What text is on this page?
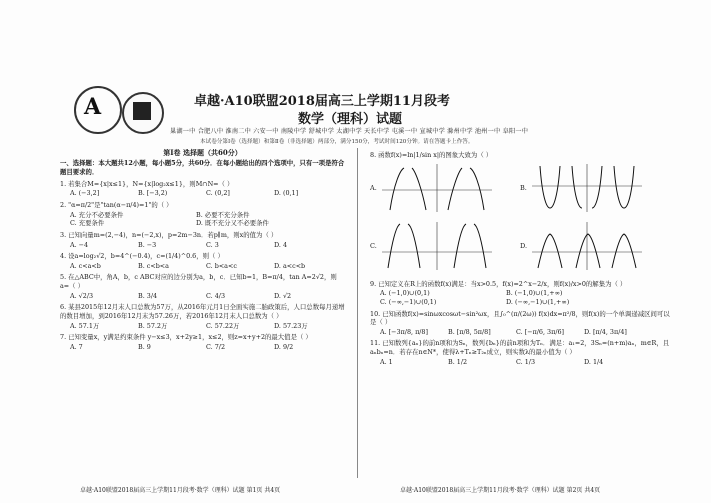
A	卓越·A10联盟2018届高三上学期11月段考
数学（理科）试题
巢湖一中 合肥八中 淮南二中 六安一中 南陵中学 舒城中学 太湖中学 天长中学 屯溪一中 宣城中学 滁州中学 池州一中 阜阳一中
本试卷分第Ⅰ卷（选择题）和第Ⅱ卷（非选择题）两部分，满分150分，考试时间120分钟。请在答题卡上作答。
第Ⅰ卷 选择题（共60分）
一、选择题：本大题共12小题，每小题5分，共60分．在每小题给出的四个选项中，只有一项是符合题目要求的．
1. 若集合M={x|x≤1}，N={x|log₂x≤1}，则M∩N=（ ）
A. (−3,2]	B. [−3,2)	C. (0,2]	D. (0,1]
2. "α=π/2"是"tan(α−π/4)=1"的（ ）
A. 充分不必要条件	B. 必要不充分条件
C. 充要条件	D. 既不充分又不必要条件
3. 已知向量m=(2,−4)，n=(−2,x)，p=2m−3n．若p∥m，则x的值为（ ）
A. −4	B. −3	C. 3	D. 4
4. 设a=log₂√2，b=4^(−0.4)，c=(1/4)^0.6，则（ ）
A. c<a<b	B. c<b<a	C. b<a<c	D. a<c<b
5. 在△ABC中，角A，b，c ABC对应的边分别为a，b，c．已知b=1，B=π/4，tan A=2√2，则a=（ ）
A. √2/3	B. 3/4	C. 4/3	D. √2
6. 某县2015年12月末人口总数为57万，从2016年元月1日全面实施二胎政策后，人口总数每月递增的数目增加，到2016年12月末为57.26万，若2016年12月末人口总数为（ ）
A. 57.1万	B. 57.2万	C. 57.22万	D. 57.23万
7. 已知变量x，y满足约束条件 y−x≤3，x+2y≥1，x≤2，则z=x+y+2的最大值是（ ）
A. 7	B. 9	C. 7/2	D. 9/2
8. 函数f(x)=ln|1/sin x|的图象大致为（ ）
A.	B.
C.	D.
9. 已知定义在R上的函数f(x)满足：当x>0.5，f(x)=2^x−2/x，则f(x)/x>0的解集为（ ）
A. (−1,0)∪(0,1)	B. (−1,0)∪(1,+∞)
C. (−∞,−1)∪(0,1)	D. (−∞,−1)∪(1,+∞)
10. 已知函数f(x)=sinωxcosωt−sin²ωx，且∫₀^(π/(2ω)) f(x)dx=π²/8，则f(x)的一个单调递减区间可以是（ ）
A. [−3π/8, π/8]	B. [π/8, 5π/8]	C. [−π/6, 3π/6]	D. [π/4, 3π/4]
11. 已知数列{aₙ}的前n项和为Sₙ，数列{bₙ}的前n项和为Tₙ．满足：a₁=2，3Sₙ=(n+m)aₙ，m∈R，且aₙbₙ=n．若存在n∈N*，使得λ+Tₙ≥T₂ₙ成立，则实数λ的最小值为（ ）
A. 1	B. 1/2	C. 1/3	D. 1/4
卓越·A10联盟2018届高三上学期11月段考·数学（理科）试题 第1页 共4页	卓越·A10联盟2018届高三上学期11月段考·数学（理科）试题 第2页 共4页
